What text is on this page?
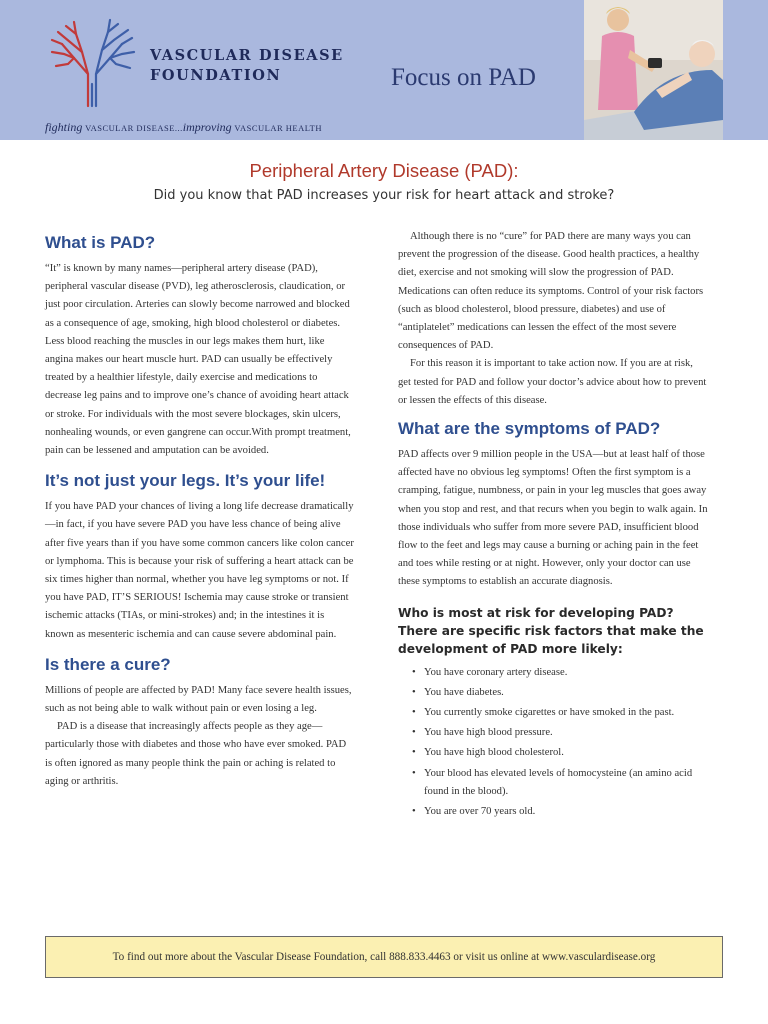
VASCULAR DISEASE
FOUNDATION
fighting VASCULAR DISEASE...improving VASCULAR HEALTH
Focus on PAD
Peripheral Artery Disease (PAD):
Did you know that PAD increases your risk for heart attack and stroke?
What is PAD?

“It” is known by many names—peripheral artery disease (PAD), peripheral vascular disease (PVD), leg atherosclerosis, claudication, or just poor circulation. Arteries can slowly become narrowed and blocked as a consequence of age, smoking, high blood cholesterol or diabetes. Less blood reaching the muscles in our legs makes them hurt, like angina makes our heart muscle hurt. PAD can usually be effectively treated by a healthier lifestyle, daily exercise and medications to decrease leg pains and to improve one’s chance of avoiding heart attack or stroke. For individuals with the most severe blockages, skin ulcers, nonhealing wounds, or even gangrene can occur.With prompt treatment, pain can be lessened and amputation can be avoided.

It’s not just your legs. It’s your life!

If you have PAD your chances of living a long life decrease dramatically—in fact, if you have severe PAD you have less chance of being alive after five years than if you have some common cancers like colon cancer or lymphoma. This is because your risk of suffering a heart attack can be six times higher than normal, whether you have leg symptoms or not. If you have PAD, IT’S SERIOUS! Ischemia may cause stroke or transient ischemic attacks (TIAs, or mini-strokes) and; in the intestines it is known as mesenteric ischemia and can cause severe abdominal pain.

Is there a cure?

Millions of people are affected by PAD! Many face severe health issues, such as not being able to walk without pain or even losing a leg.

PAD is a disease that increasingly affects people as they age—particularly those with diabetes and those who have ever smoked. PAD is often ignored as many people think the pain or aching is related to aging or arthritis.

Although there is no “cure” for PAD there are many ways you can prevent the progression of the disease. Good health practices, a healthy diet, exercise and not smoking will slow the progression of PAD. Medications can often reduce its symptoms. Control of your risk factors (such as blood cholesterol, blood pressure, diabetes) and use of “antiplatelet” medications can lessen the effect of the most severe consequences of PAD.

For this reason it is important to take action now. If you are at risk, get tested for PAD and follow your doctor’s advice about how to prevent or lessen the effects of this disease.

What are the symptoms of PAD?

PAD affects over 9 million people in the USA—but at least half of those affected have no obvious leg symptoms! Often the first symptom is a cramping, fatigue, numbness, or pain in your leg muscles that goes away when you stop and rest, and that recurs when you begin to walk again. In those individuals who suffer from more severe PAD, insufficient blood flow to the feet and legs may cause a burning or aching pain in the feet and toes while resting or at night. However, only your doctor can use these symptoms to establish an accurate diagnosis.

Who is most at risk for developing PAD? There are specific risk factors that make the development of PAD more likely:
• You have coronary artery disease.
• You have diabetes.
• You currently smoke cigarettes or have smoked in the past.
• You have high blood pressure.
• You have high blood cholesterol.
• Your blood has elevated levels of homocysteine (an amino acid found in the blood).
• You are over 70 years old.
To find out more about the Vascular Disease Foundation, call 888.833.4463 or visit us online at www.vasculardisease.org
